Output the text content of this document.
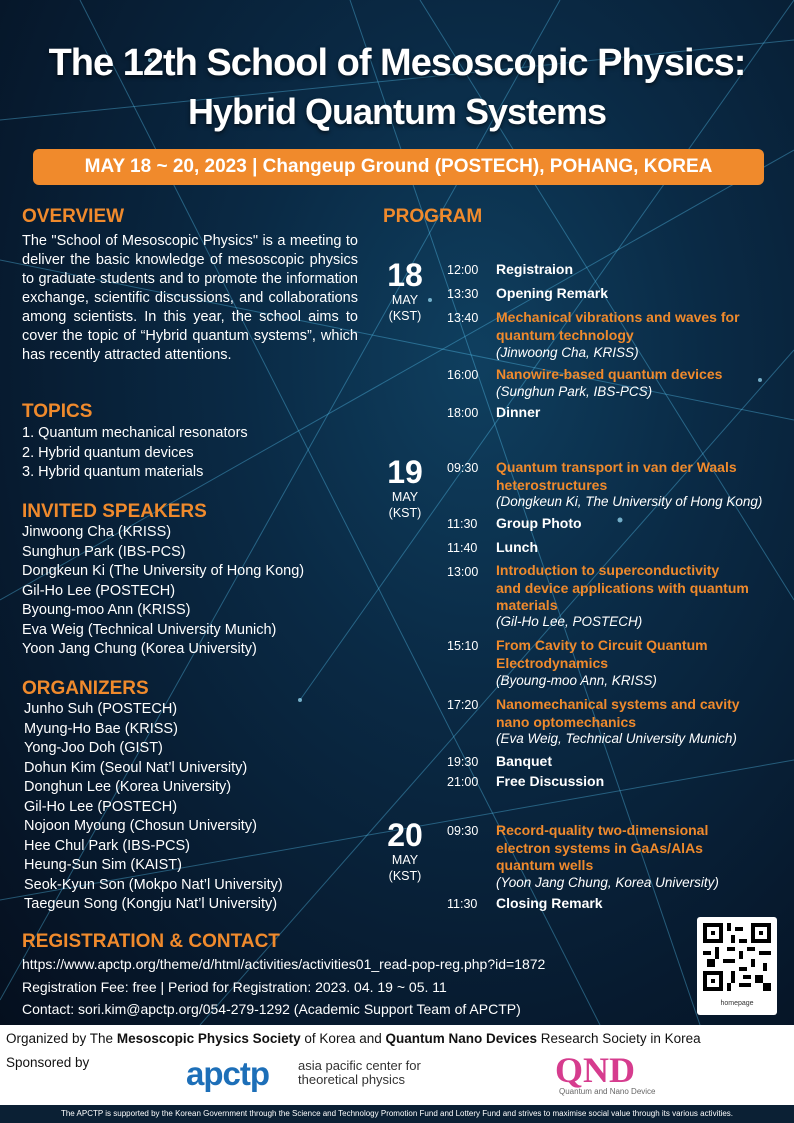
The 12th School of Mesoscopic Physics:
Hybrid Quantum Systems
MAY 18 ~ 20, 2023 | Changeup Ground (POSTECH), POHANG, KOREA
OVERVIEW
The "School of Mesoscopic Physics" is a meeting to deliver the basic knowledge of mesoscopic physics to graduate students and to promote the information exchange, scientific discussions, and collaborations among scientists. In this year, the school aims to cover the topic of “Hybrid quantum systems”, which has recently attracted attentions.
TOPICS
1. Quantum mechanical resonators
2. Hybrid quantum devices
3. Hybrid quantum materials
INVITED SPEAKERS
Jinwoong Cha (KRISS)
Sunghun Park (IBS-PCS)
Dongkeun Ki (The University of Hong Kong)
Gil-Ho Lee (POSTECH)
Byoung-moo Ann (KRISS)
Eva Weig (Technical University Munich)
Yoon Jang Chung (Korea University)
ORGANIZERS
Junho Suh (POSTECH)
Myung-Ho Bae (KRISS)
Yong-Joo Doh (GIST)
Dohun Kim (Seoul Nat’l University)
Donghun Lee (Korea University)
Gil-Ho Lee (POSTECH)
Nojoon Myoung (Chosun University)
Hee Chul Park (IBS-PCS)
Heung-Sun Sim (KAIST)
Seok-Kyun Son (Mokpo Nat’l University)
Taegeun Song (Kongju Nat’l University)
REGISTRATION & CONTACT
https://www.apctp.org/theme/d/html/activities/activities01_read-pop-reg.php?id=1872
Registration Fee: free | Period for Registration: 2023. 04. 19 ~ 05. 11
Contact: sori.kim@apctp.org/054-279-1292 (Academic Support Team of APCTP)
PROGRAM
18
MAY
(KST)
19
MAY
(KST)
20
MAY
(KST)
12:00 Registraion
13:30 Opening Remark
13:40 Mechanical vibrations and waves for
quantum technology
(Jinwoong Cha, KRISS)
16:00 Nanowire-based quantum devices
(Sunghun Park, IBS-PCS)
18:00 Dinner
09:30 Quantum transport in van der Waals
heterostructures
(Dongkeun Ki, The University of Hong Kong)
11:30 Group Photo
11:40 Lunch
13:00 Introduction to superconductivity
and device applications with quantum
materials
(Gil-Ho Lee, POSTECH)
15:10 From Cavity to Circuit Quantum
Electrodynamics
(Byoung-moo Ann, KRISS)
17:20 Nanomechanical systems and cavity
nano optomechanics
(Eva Weig, Technical University Munich)
19:30 Banquet
21:00 Free Discussion
09:30 Record-quality two-dimensional
electron systems in GaAs/AlAs
quantum wells
(Yoon Jang Chung, Korea University)
11:30 Closing Remark
homepage
Organized by The Mesoscopic Physics Society of Korea and Quantum Nano Devices Research Society in Korea
Sponsored by	apctp asia pacific center for
theoretical physics	QND
Quantum and Nano Device
The APCTP is supported by the Korean Government through the Science and Technology Promotion Fund and Lottery Fund and strives to maximise social value through its various activities.
